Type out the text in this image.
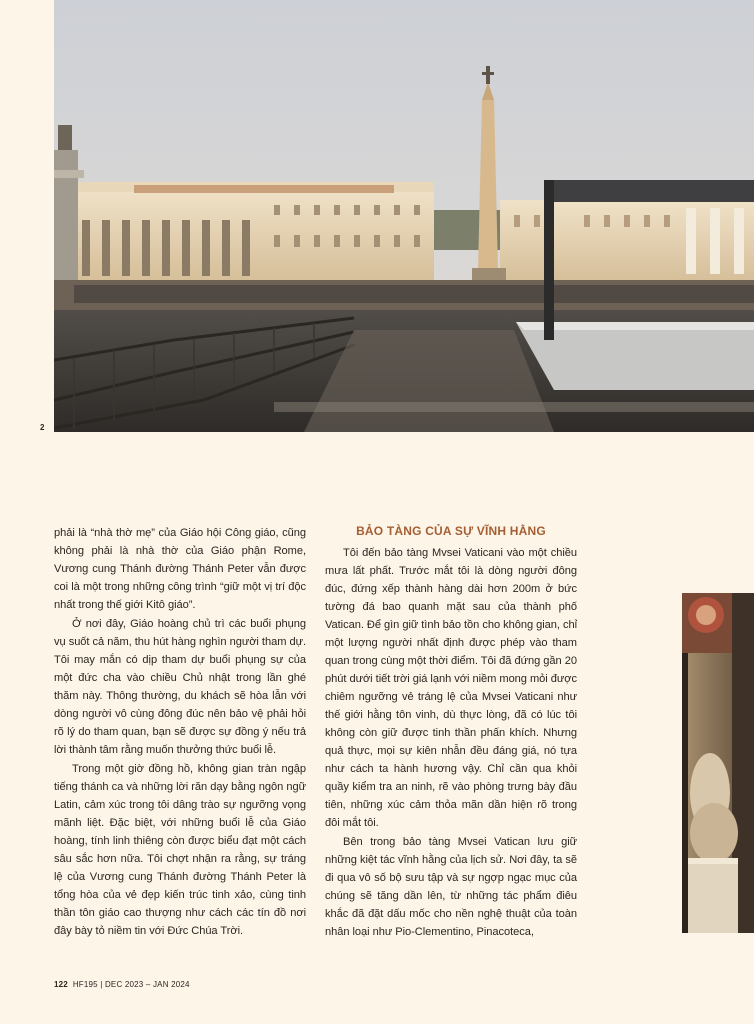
2

phải là “nhà thờ mẹ” của Giáo hội Công giáo, cũng không phải là nhà thờ của Giáo phận Rome, Vương cung Thánh đường Thánh Peter vẫn được coi là một trong những công trình “giữ một vị trí độc nhất trong thế giới Kitô giáo”.

Ở nơi đây, Giáo hoàng chủ trì các buổi phụng vụ suốt cả năm, thu hút hàng nghìn người tham dự. Tôi may mắn có dịp tham dự buổi phụng sự của một đức cha vào chiều Chủ nhật trong lần ghé thăm này. Thông thường, du khách sẽ hòa lẫn với dòng người vô cùng đông đúc nên bảo vệ phải hỏi rõ lý do tham quan, bạn sẽ được sự đồng ý nếu trả lời thành tâm rằng muốn thưởng thức buổi lễ.

Trong một giờ đồng hồ, không gian tràn ngập tiếng thánh ca và những lời răn dạy bằng ngôn ngữ Latin, cảm xúc trong tôi dâng trào sự ngưỡng vọng mãnh liệt. Đặc biệt, với những buổi lễ của Giáo hoàng, tính linh thiêng còn được biểu đạt một cách sâu sắc hơn nữa. Tôi chợt nhận ra rằng, sự tráng lệ của Vương cung Thánh đường Thánh Peter là tổng hòa của vẻ đẹp kiến trúc tinh xảo, cùng tinh thần tôn giáo cao thượng như cách các tín đồ nơi đây bày tỏ niềm tin với Đức Chúa Trời.

BẢO TÀNG CỦA SỰ VĨNH HẰNG

Tôi đến bảo tàng Mvsei Vaticani vào một chiều mưa lất phất. Trước mắt tôi là dòng người đông đúc, đứng xếp thành hàng dài hơn 200m ở bức tường đá bao quanh mặt sau của thành phố Vatican. Để gìn giữ tình bảo tồn cho không gian, chỉ một lượng người nhất định được phép vào tham quan trong cùng một thời điểm. Tôi đã đứng gần 20 phút dưới tiết trời giá lạnh với niềm mong mỏi được chiêm ngưỡng vẻ tráng lệ của Mvsei Vaticani như thế giới hằng tôn vinh, dù thực lòng, đã có lúc tôi không còn giữ được tinh thần phấn khích. Nhưng quả thực, mọi sự kiên nhẫn đều đáng giá, nó tựa như cách ta hành hương vậy. Chỉ cần qua khỏi quầy kiểm tra an ninh, rẽ vào phòng trưng bày đầu tiên, những xúc cảm thỏa mãn dần hiện rõ trong đôi mắt tôi.

Bên trong bảo tàng Mvsei Vatican lưu giữ những kiệt tác vĩnh hằng của lịch sử. Nơi đây, ta sẽ đi qua vô số bộ sưu tập và sự ngợp ngạc mục của chúng sẽ tăng dần lên, từ những tác phẩm điêu khắc đã đặt dấu mốc cho nền nghệ thuật của toàn nhân loại như Pio-Clementino, Pinacoteca,

122 HF195 | DEC 2023 – JAN 2024
